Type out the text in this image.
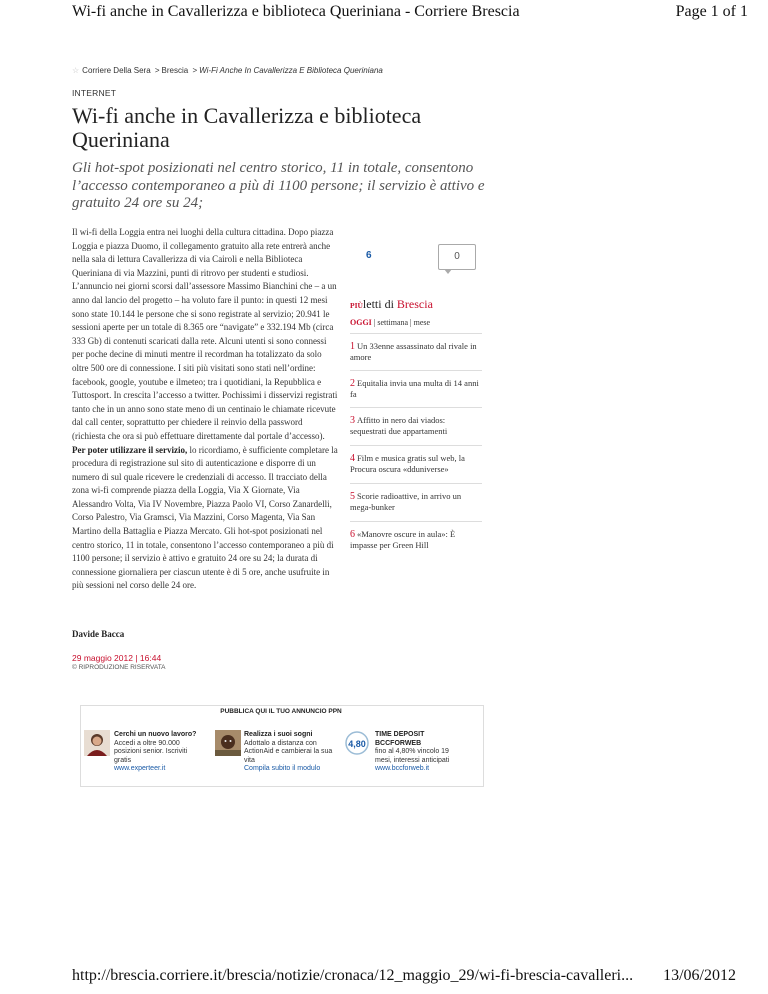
Wi-fi anche in Cavallerizza e biblioteca Queriniana - Corriere Brescia	Page 1 of 1
☆ Corriere Della Sera > Brescia > Wi-Fi Anche In Cavallerizza E Biblioteca Queriniana
INTERNET
Wi-fi anche in Cavallerizza e biblioteca Queriniana
Gli hot-spot posizionati nel centro storico, 11 in totale, consentono l’accesso contemporaneo a più di 1100 persone; il servizio è attivo e gratuito 24 ore su 24;

Il wi-fi della Loggia entra nei luoghi della cultura cittadina. Dopo piazza Loggia e piazza Duomo, il collegamento gratuito alla rete entrerà anche nella sala di lettura Cavallerizza di via Cairoli e nella Biblioteca Queriniana di via Mazzini, punti di ritrovo per studenti e studiosi. L’annuncio nei giorni scorsi dall’assessore Massimo Bianchini che – a un anno dal lancio del progetto – ha voluto fare il punto: in questi 12 mesi sono state 10.144 le persone che si sono registrate al servizio; 20.941 le sessioni aperte per un totale di 8.365 ore “navigate” e 332.194 Mb (circa 333 Gb) di contenuti scaricati dalla rete. Alcuni utenti si sono connessi per poche decine di minuti mentre il recordman ha totalizzato da solo oltre 500 ore di connessione. I siti più visitati sono stati nell’ordine: facebook, google, youtube e ilmeteo; tra i quotidiani, la Repubblica e Tuttosport. In crescita l’accesso a twitter. Pochissimi i disservizi registrati tanto che in un anno sono state meno di un centinaio le chiamate ricevute dal call center, soprattutto per chiedere il reinvio della password (richiesta che ora si può effettuare direttamente dal portale d’accesso).

Per poter utilizzare il servizio, lo ricordiamo, è sufficiente completare la procedura di registrazione sul sito di autenticazione e disporre di un numero di sul quale ricevere le credenziali di accesso. Il tracciato della zona wi-fi comprende piazza della Loggia, Via X Giornate, Via Alessandro Volta, Via IV Novembre, Piazza Paolo VI, Corso Zanardelli, Corso Palestro, Via Gramsci, Via Mazzini, Corso Magenta, Via San Martino della Battaglia e Piazza Mercato. Gli hot-spot posizionati nel centro storico, 11 in totale, consentono l’accesso contemporaneo a più di 1100 persone; il servizio è attivo e gratuito 24 ore su 24; la durata di connessione giornaliera per ciascun utente è di 5 ore, anche usufruite in più sessioni nel corso delle 24 ore.

Davide Bacca
29 maggio 2012 | 16:44
© RIPRODUZIONE RISERVATA
6	0
PIÙletti di Brescia
OGGI | settimana | mese
1 Un 33enne assassinato dal rivale in amore
2 Equitalia invia una multa di 14 anni fa
3 Affitto in nero dai viados: sequestrati due appartamenti
4 Film e musica gratis sul web, la Procura oscura «dduniverse»
5 Scorie radioattive, in arrivo un mega-bunker
6 «Manovre oscure in aula»: È impasse per Green Hill
PUBBLICA QUI IL TUO ANNUNCIO PPN
Cerchi un nuovo lavoro?
Accedi a oltre 90.000 posizioni senior. Iscriviti gratis
www.experteer.it
Realizza i suoi sogni
Adottalo a distanza con ActionAid e cambierai la sua vita
Compila subito il modulo
4,80
TIME DEPOSIT BCCFORWEB
fino al 4,80% vincolo 19 mesi, interessi anticipati
www.bccforweb.it
http://brescia.corriere.it/brescia/notizie/cronaca/12_maggio_29/wi-fi-brescia-cavalleri... 13/06/2012
